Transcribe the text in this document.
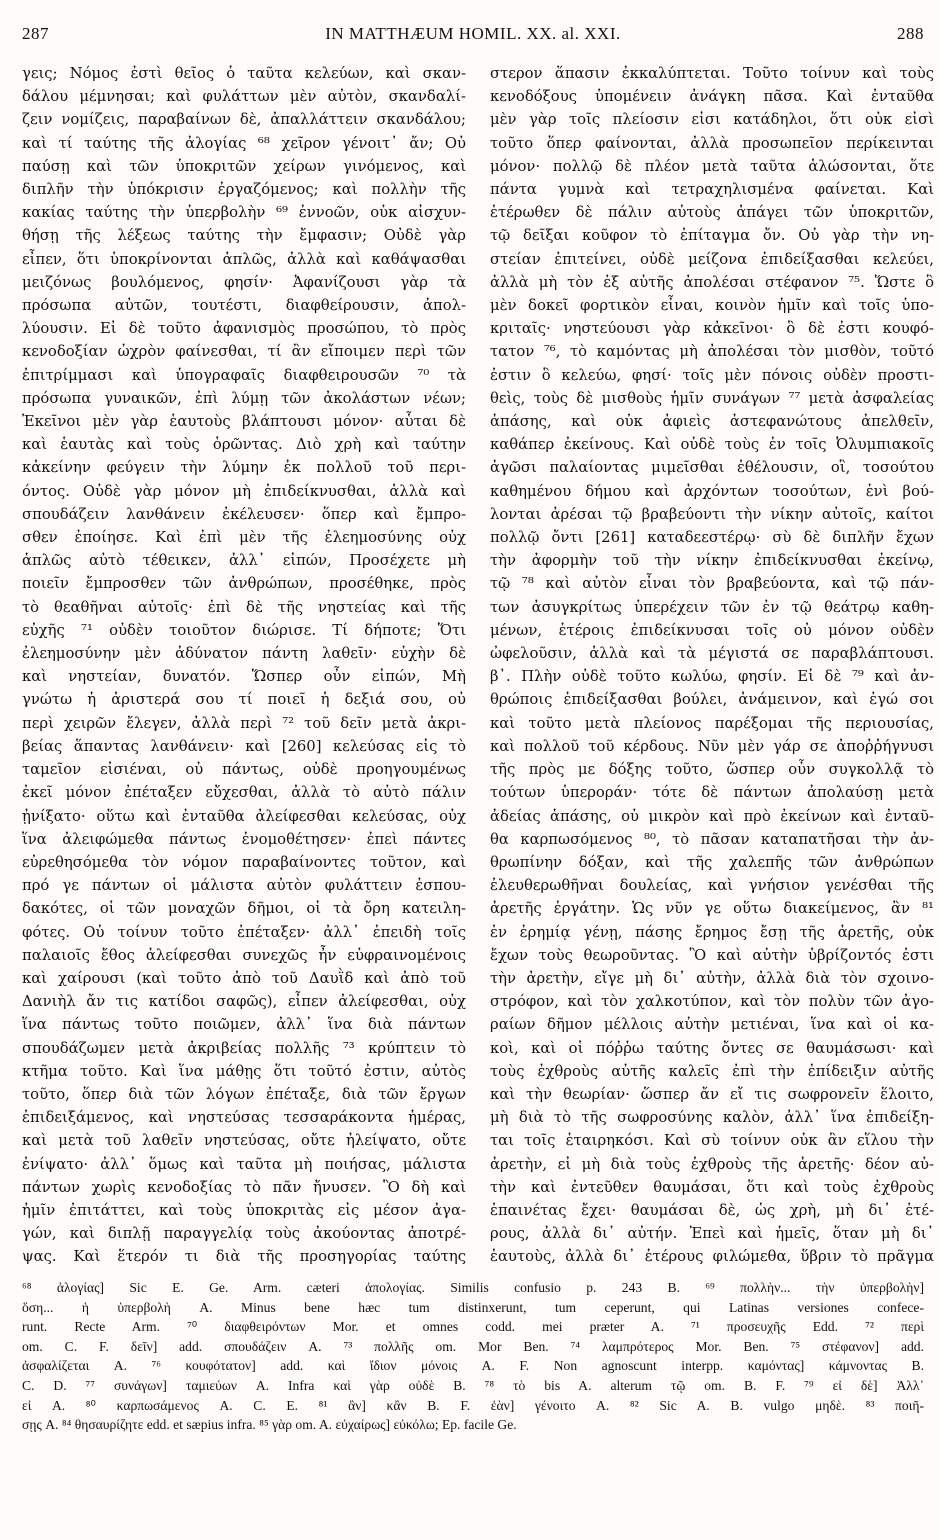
287	IN MATTHÆUM HOMIL. XX. al. XXI.	288
γεις; Νόμος ἐστὶ θεῖος ὁ ταῦτα κελεύων, καὶ σκαν-
δάλου μέμνησαι; καὶ φυλάττων μὲν αὐτὸν, σκανδαλί-
ζειν νομίζεις, παραβαίνων δὲ, ἀπαλλάττειν σκανδάλου;
καὶ τί ταύτης τῆς ἀλογίας ⁶⁸ χεῖρον γένοιτ᾽ ἄν; Οὐ
παύσῃ καὶ τῶν ὑποκριτῶν χείρων γινόμενος, καὶ
διπλῆν τὴν ὑπόκρισιν ἐργαζόμενος; καὶ πολλὴν τῆς
κακίας ταύτης τὴν ὑπερβολὴν ⁶⁹ ἐννοῶν, οὐκ αἰσχυν-
θήσῃ τῆς λέξεως ταύτης τὴν ἔμφασιν; Οὐδὲ γὰρ
εἶπεν, ὅτι ὑποκρίνονται ἁπλῶς, ἀλλὰ καὶ καθάψασθαι
μειζόνως βουλόμενος, φησίν· Ἀφανίζουσι γὰρ τὰ
πρόσωπα αὐτῶν, τουτέστι, διαφθείρουσιν, ἀπολ-
λύουσιν. Εἰ δὲ τοῦτο ἀφανισμὸς προσώπου, τὸ πρὸς
κενοδοξίαν ὠχρὸν φαίνεσθαι, τί ἂν εἴποιμεν περὶ τῶν
ἐπιτρίμμασι καὶ ὑπογραφαῖς διαφθειρουσῶν ⁷⁰ τὰ
πρόσωπα γυναικῶν, ἐπὶ λύμῃ τῶν ἀκολάστων νέων;
Ἐκεῖνοι μὲν γὰρ ἑαυτοὺς βλάπτουσι μόνον· αὗται δὲ
καὶ ἑαυτὰς καὶ τοὺς ὁρῶντας. Διὸ χρὴ καὶ ταύτην
κἀκείνην φεύγειν τὴν λύμην ἐκ πολλοῦ τοῦ περι-
όντος. Οὐδὲ γὰρ μόνον μὴ ἐπιδείκνυσθαι, ἀλλὰ καὶ
σπουδάζειν λανθάνειν ἐκέλευσεν· ὅπερ καὶ ἔμπρο-
σθεν ἐποίησε. Καὶ ἐπὶ μὲν τῆς ἐλεημοσύνης οὐχ
ἁπλῶς αὐτὸ τέθεικεν, ἀλλ᾽ εἰπών, Προσέχετε μὴ
ποιεῖν ἔμπροσθεν τῶν ἀνθρώπων, προσέθηκε, πρὸς
τὸ θεαθῆναι αὐτοῖς· ἐπὶ δὲ τῆς νηστείας καὶ τῆς
εὐχῆς ⁷¹ οὐδὲν τοιοῦτον διώρισε. Τί δήποτε; Ὅτι
ἐλεημοσύνην μὲν ἀδύνατον πάντη λαθεῖν· εὐχὴν δὲ
καὶ νηστείαν, δυνατόν. Ὥσπερ οὖν εἰπών, Μὴ
γνώτω ἡ ἀριστερά σου τί ποιεῖ ἡ δεξιά σου, οὐ
περὶ χειρῶν ἔλεγεν, ἀλλὰ περὶ ⁷² τοῦ δεῖν μετὰ ἀκρι-
βείας ἅπαντας λανθάνειν· καὶ [260] κελεύσας εἰς τὸ
ταμεῖον εἰσιέναι, οὐ πάντως, οὐδὲ προηγουμένως
ἐκεῖ μόνον ἐπέταξεν εὔχεσθαι, ἀλλὰ τὸ αὐτὸ πάλιν
ᾐνίξατο· οὕτω καὶ ἐνταῦθα ἀλείφεσθαι κελεύσας, οὐχ
ἵνα ἀλειφώμεθα πάντως ἐνομοθέτησεν· ἐπεὶ πάντες
εὐρεθησόμεθα τὸν νόμον παραβαίνοντες τοῦτον, καὶ
πρό γε πάντων οἱ μάλιστα αὐτὸν φυλάττειν ἐσπου-
δακότες, οἱ τῶν μοναχῶν δῆμοι, οἱ τὰ ὄρη κατειλη-
φότες. Οὐ τοίνυν τοῦτο ἐπέταξεν· ἀλλ᾽ ἐπειδὴ τοῖς
παλαιοῖς ἔθος ἀλείφεσθαι συνεχῶς ἦν εὐφραινομένοις
καὶ χαίρουσι (καὶ τοῦτο ἀπὸ τοῦ Δαυῒδ καὶ ἀπὸ τοῦ
Δανιὴλ ἄν τις κατίδοι σαφῶς), εἶπεν ἀλείφεσθαι, οὐχ
ἵνα πάντως τοῦτο ποιῶμεν, ἀλλ᾽ ἵνα διὰ πάντων
σπουδάζωμεν μετὰ ἀκριβείας πολλῆς ⁷³ κρύπτειν τὸ
κτῆμα τοῦτο. Καὶ ἵνα μάθῃς ὅτι τοῦτό ἐστιν, αὐτὸς
τοῦτο, ὅπερ διὰ τῶν λόγων ἐπέταξε, διὰ τῶν ἔργων
ἐπιδειξάμενος, καὶ νηστεύσας τεσσαράκοντα ἡμέρας,
καὶ μετὰ τοῦ λαθεῖν νηστεύσας, οὔτε ἠλείψατο, οὔτε
ἐνίψατο· ἀλλ᾽ ὅμως καὶ ταῦτα μὴ ποιήσας, μάλιστα
πάντων χωρὶς κενοδοξίας τὸ πᾶν ἤνυσεν. Ὃ δὴ καὶ
ἡμῖν ἐπιτάττει, καὶ τοὺς ὑποκριτὰς εἰς μέσον ἀγα-
γών, καὶ διπλῇ παραγγελίᾳ τοὺς ἀκούοντας ἀποτρέ-
ψας. Καὶ ἕτερόν τι διὰ τῆς προσηγορίας ταύτης
στερον ἅπασιν ἐκκαλύπτεται. Τοῦτο τοίνυν καὶ τοὺς
κενοδόξους ὑπομένειν ἀνάγκη πᾶσα. Καὶ ἐνταῦθα
μὲν γὰρ τοῖς πλείοσιν εἰσι κατάδηλοι, ὅτι οὐκ εἰσὶ
τοῦτο ὅπερ φαίνονται, ἀλλὰ προσωπεῖον περίκεινται
μόνον· πολλῷ δὲ πλέον μετὰ ταῦτα ἁλώσονται, ὅτε
πάντα γυμνὰ καὶ τετραχηλισμένα φαίνεται. Καὶ
ἑτέρωθεν δὲ πάλιν αὐτοὺς ἀπάγει τῶν ὑποκριτῶν,
τῷ δεῖξαι κοῦφον τὸ ἐπίταγμα ὄν. Οὐ γὰρ τὴν νη-
στείαν ἐπιτείνει, οὐδὲ μείζονα ἐπιδείξασθαι κελεύει,
ἀλλὰ μὴ τὸν ἐξ αὐτῆς ἀπολέσαι στέφανον ⁷⁵. Ὥστε ὃ
μὲν δοκεῖ φορτικὸν εἶναι, κοινὸν ἡμῖν καὶ τοῖς ὑπο-
κριταῖς· νηστεύουσι γὰρ κἀκεῖνοι· ὃ δὲ ἐστι κουφό-
τατον ⁷⁶, τὸ καμόντας μὴ ἀπολέσαι τὸν μισθὸν, τοῦτό
ἐστιν ὃ κελεύω, φησί· τοῖς μὲν πόνοις οὐδὲν προστι-
θεὶς, τοὺς δὲ μισθοὺς ἡμῖν συνάγων ⁷⁷ μετὰ ἀσφαλείας
ἁπάσης, καὶ οὐκ ἀφιεὶς ἀστεφανώτους ἀπελθεῖν,
καθάπερ ἐκείνους. Καὶ οὐδὲ τοὺς ἐν τοῖς Ὀλυμπιακοῖς
ἀγῶσι παλαίοντας μιμεῖσθαι ἐθέλουσιν, οἳ, τοσούτου
καθημένου δήμου καὶ ἀρχόντων τοσούτων, ἑνὶ βού-
λονται ἀρέσαι τῷ βραβεύοντι τὴν νίκην αὐτοῖς, καίτοι
πολλῷ ὄντι [261] καταδεεστέρῳ· σὺ δὲ διπλῆν ἔχων
τὴν ἀφορμὴν τοῦ τὴν νίκην ἐπιδείκνυσθαι ἐκείνῳ,
τῷ ⁷⁸ καὶ αὐτὸν εἶναι τὸν βραβεύοντα, καὶ τῷ πάν-
των ἀσυγκρίτως ὑπερέχειν τῶν ἐν τῷ θεάτρῳ καθη-
μένων, ἑτέροις ἐπιδείκνυσαι τοῖς οὐ μόνον οὐδὲν
ὠφελοῦσιν, ἀλλὰ καὶ τὰ μέγιστά σε παραβλάπτουσι.
β᾽. Πλὴν οὐδὲ τοῦτο κωλύω, φησίν. Εἰ δὲ ⁷⁹ καὶ ἀν-
θρώποις ἐπιδείξασθαι βούλει, ἀνάμεινον, καὶ ἐγώ σοι
καὶ τοῦτο μετὰ πλείονος παρέξομαι τῆς περιουσίας,
καὶ πολλοῦ τοῦ κέρδους. Νῦν μὲν γάρ σε ἀποῤῥήγνυσι
τῆς πρὸς με δόξης τοῦτο, ὥσπερ οὖν συγκολλᾷ τὸ
τούτων ὑπεροράν· τότε δὲ πάντων ἀπολαύσῃ μετὰ
ἀδείας ἁπάσης, οὐ μικρὸν καὶ πρὸ ἐκείνων καὶ ἐνταῦ-
θα καρπωσόμενος ⁸⁰, τὸ πᾶσαν καταπατῆσαι τὴν ἀν-
θρωπίνην δόξαν, καὶ τῆς χαλεπῆς τῶν ἀνθρώπων
ἐλευθερωθῆναι δουλείας, καὶ γνήσιον γενέσθαι τῆς
ἀρετῆς ἐργάτην. Ὡς νῦν γε οὕτω διακείμενος, ἂν ⁸¹
ἐν ἐρημίᾳ γένῃ, πάσης ἔρημος ἔσῃ τῆς ἀρετῆς, οὐκ
ἔχων τοὺς θεωροῦντας. Ὃ καὶ αὐτὴν ὑβρίζοντός ἐστι
τὴν ἀρετὴν, εἴγε μὴ δι᾽ αὐτὴν, ἀλλὰ διὰ τὸν σχοινο-
στρόφον, καὶ τὸν χαλκοτύπον, καὶ τὸν πολὺν τῶν ἀγο-
ραίων δῆμον μέλλοις αὐτὴν μετιέναι, ἵνα καὶ οἱ κα-
κοὶ, καὶ οἱ πόῤῥω ταύτης ὄντες σε θαυμάσωσι· καὶ
τοὺς ἐχθροὺς αὐτῆς καλεῖς ἐπὶ τὴν ἐπίδειξιν αὐτῆς
καὶ τὴν θεωρίαν· ὥσπερ ἄν εἴ τις σωφρονεῖν ἕλοιτο,
μὴ διὰ τὸ τῆς σωφροσύνης καλὸν, ἀλλ᾽ ἵνα ἐπιδείξη-
ται τοῖς ἑταιρηκόσι. Καὶ σὺ τοίνυν οὐκ ἂν εἵλου τὴν
ἀρετὴν, εἰ μὴ διὰ τοὺς ἐχθροὺς τῆς ἀρετῆς· δέον αὐ-
τὴν καὶ ἐντεῦθεν θαυμάσαι, ὅτι καὶ τοὺς ἐχθροὺς
ἐπαινέτας ἔχει· θαυμάσαι δὲ, ὡς χρὴ, μὴ δι᾽ ἑτέ-
ρους, ἀλλὰ δι᾽ αὐτήν. Ἐπεὶ καὶ ἡμεῖς, ὅταν μὴ δι᾽
ἑαυτοὺς, ἀλλὰ δι᾽ ἑτέρους φιλώμεθα, ὕβριν τὸ πρᾶγμα
⁶⁸ ἀλογίας] Sic E. Ge. Arm. cæteri ἀπολογίας. Similis confusio p. 243 B. ⁶⁹ πολλὴν... τὴν ὑπερβολὴν]
ὅση... ἡ ὑπερβολὴ A. Minus bene hæc tum distinxerunt, tum ceperunt, qui Latinas versiones confece-
runt. Recte Arm. ⁷⁰ διαφθειρόντων Mor. et omnes codd. mei præter A. ⁷¹ προσευχῆς Edd. ⁷² περὶ
om. C. F. δεῖν] add. σπουδάζειν A. ⁷³ πολλῆς om. Mor Ben. ⁷⁴ λαμπρότερος Mor. Ben. ⁷⁵ στέφανον] add.
ἀσφαλίζεται A. ⁷⁶ κουφότατον] add. καὶ ἴδιον μόνοις A. F. Non agnoscunt interpp. καμόντας] κάμνοντας B.
C. D. ⁷⁷ συνάγων] ταμιεύων A. Infra καὶ γὰρ οὐδὲ B. ⁷⁸ τὸ bis A. alterum τῷ om. B. F. ⁷⁹ εἰ δὲ] Ἀλλ᾽
εἰ A. ⁸⁰ καρπωσάμενος A. C. E. ⁸¹ ἂν] κἂν B. F. ἐὰν] γένοιτο A. ⁸² Sic A. B. vulgo μηδὲ. ⁸³ ποιῆ-
σῃς A. ⁸⁴ θησαυρίζητε edd. et sæpius infra. ⁸⁵ γὰρ om. A. εὐχαίρως] εὐκόλω; Ep. facile Ge.
